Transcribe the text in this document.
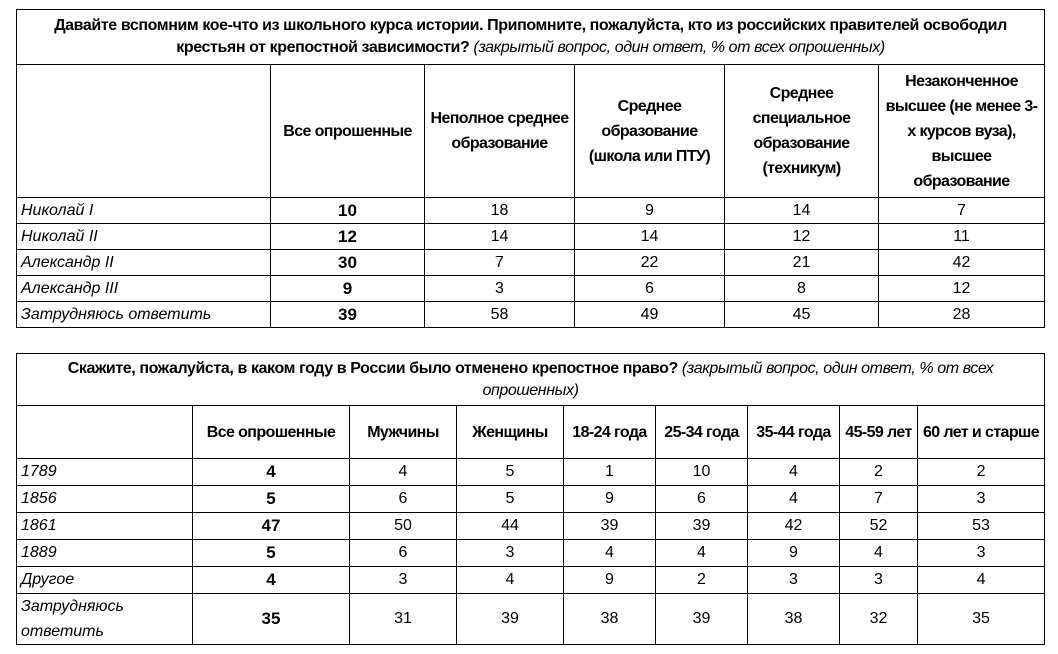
Давайте вспомним кое-что из школьного курса истории. Припомните, пожалуйста, кто из российских правителей освободил крестьян от крепостной зависимости? (закрытый вопрос, один ответ, % от всех опрошенных)					
	Все опрошенные	Неполное среднее образование	Среднее образование (школа или ПТУ)	Среднее специальное образование (техникум)	Незаконченное высшее (не менее 3-х курсов вуза), высшее образование
Николай I	10	18	9	14	7
Николай II	12	14	14	12	11
Александр II	30	7	22	21	42
Александр III	9	3	6	8	12
Затрудняюсь ответить	39	58	49	45	28
Скажите, пожалуйста, в каком году в России было отменено крепостное право? (закрытый вопрос, один ответ, % от всех опрошенных)								
	Все опрошенные	Мужчины	Женщины	18-24 года	25-34 года	35-44 года	45-59 лет	60 лет и старше
1789	4	4	5	1	10	4	2	2
1856	5	6	5	9	6	4	7	3
1861	47	50	44	39	39	42	52	53
1889	5	6	3	4	4	9	4	3
Другое	4	3	4	9	2	3	3	4
Затрудняюсь ответить	35	31	39	38	39	38	32	35
